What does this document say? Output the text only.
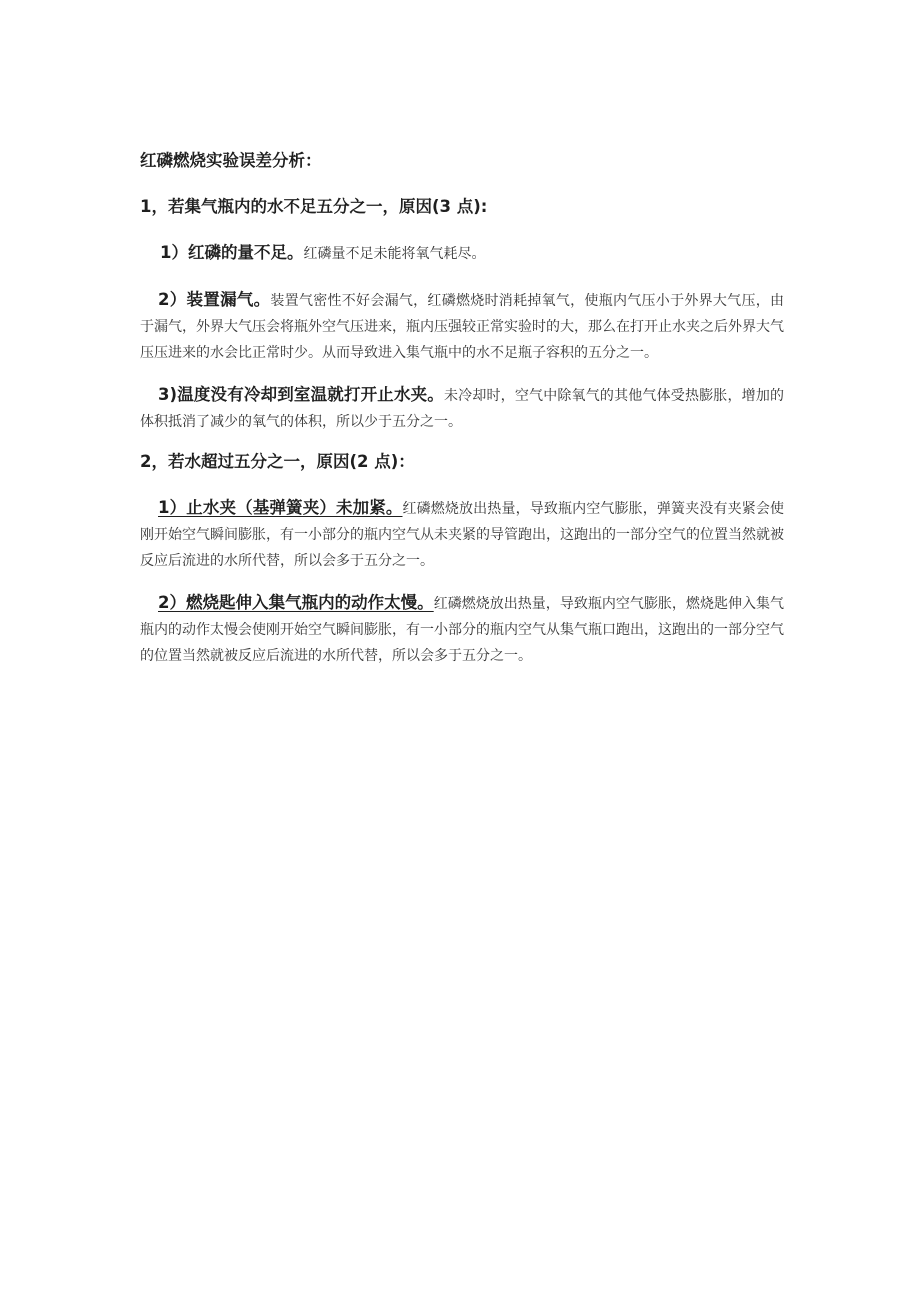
红磷燃烧实验误差分析：

1，若集气瓶内的水不足五分之一，原因(3 点):

1）红磷的量不足。红磷量不足未能将氧气耗尽。

2）装置漏气。装置气密性不好会漏气，红磷燃烧时消耗掉氧气，使瓶内气压小于外界大气压，由于漏气，外界大气压会将瓶外空气压进来，瓶内压强较正常实验时的大，那么在打开止水夹之后外界大气压压进来的水会比正常时少。从而导致进入集气瓶中的水不足瓶子容积的五分之一。

3)温度没有冷却到室温就打开止水夹。未冷却时，空气中除氧气的其他气体受热膨胀，增加的体积抵消了减少的氧气的体积，所以少于五分之一。

2，若水超过五分之一，原因(2 点)：

1）止水夹（基弹簧夹）未加紧。红磷燃烧放出热量，导致瓶内空气膨胀，弹簧夹没有夹紧会使刚开始空气瞬间膨胀，有一小部分的瓶内空气从未夹紧的导管跑出，这跑出的一部分空气的位置当然就被反应后流进的水所代替，所以会多于五分之一。

2）燃烧匙伸入集气瓶内的动作太慢。红磷燃烧放出热量，导致瓶内空气膨胀，燃烧匙伸入集气瓶内的动作太慢会使刚开始空气瞬间膨胀，有一小部分的瓶内空气从集气瓶口跑出，这跑出的一部分空气的位置当然就被反应后流进的水所代替，所以会多于五分之一。
